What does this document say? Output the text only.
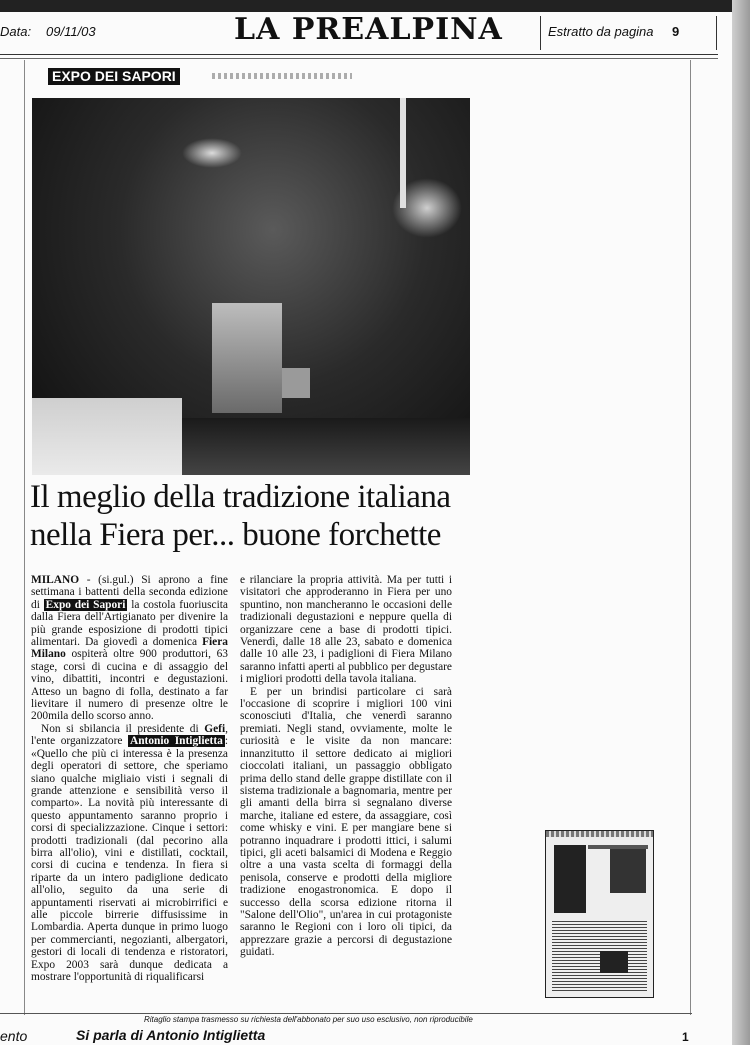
Data: 09/11/03	LA PREALPINA	Estratto da pagina 9
EXPO DEI SAPORI
Il meglio della tradizione italiana
nella Fiera per... buone forchette

MILANO - (si.gul.) Si aprono a fine settimana i battenti della seconda edizione di Expo dei Sapori la costola fuoriuscita dalla Fiera dell'Artigianato per divenire la più grande esposizione di prodotti tipici alimentari. Da giovedì a domenica Fiera Milano ospiterà oltre 900 produttori, 63 stage, corsi di cucina e di assaggio del vino, dibattiti, incontri e degustazioni. Atteso un bagno di folla, destinato a far lievitare il numero di presenze oltre le 200mila dello scorso anno.

Non si sbilancia il presidente di Gefi, l'ente organizzatore Antonio Intiglietta : «Quello che più ci interessa è la presenza degli operatori di settore, che speriamo siano qualche migliaio visti i segnali di grande attenzione e sensibilità verso il comparto». La novità più interessante di questo appuntamento saranno proprio i corsi di specializzazione. Cinque i settori: prodotti tradizionali (dal pecorino alla birra all'olio), vini e distillati, cocktail, corsi di cucina e tendenza. In fiera si riparte da un intero padiglione dedicato all'olio, seguito da una serie di appuntamenti riservati ai microbirrifici e alle piccole birrerie diffusissime in Lombardia. Aperta dunque in primo luogo per commercianti, negozianti, albergatori, gestori di locali di tendenza e ristoratori, Expo 2003 sarà dunque dedicata a mostrare l'opportunità di riqualificarsi

e rilanciare la propria attività. Ma per tutti i visitatori che approderanno in Fiera per uno spuntino, non mancheranno le occasioni delle tradizionali degustazioni e neppure quella di organizzare cene a base di prodotti tipici. Venerdì, dalle 18 alle 23, sabato e domenica dalle 10 alle 23, i padiglioni di Fiera Milano saranno infatti aperti al pubblico per degustare i migliori prodotti della tavola italiana.

E per un brindisi particolare ci sarà l'occasione di scoprire i migliori 100 vini sconosciuti d'Italia, che venerdì saranno premiati. Negli stand, ovviamente, molte le curiosità e le visite da non mancare: innanzitutto il settore dedicato ai migliori cioccolati italiani, un passaggio obbligato prima dello stand delle grappe distillate con il sistema tradizionale a bagnomaria, mentre per gli amanti della birra si segnalano diverse marche, italiane ed estere, da assaggiare, così come whisky e vini. E per mangiare bene si potranno inquadrare i prodotti ittici, i salumi tipici, gli aceti balsamici di Modena e Reggio oltre a una vasta scelta di formaggi della penisola, conserve e prodotti della migliore tradizione enogastronomica. E dopo il successo della scorsa edizione ritorna il "Salone dell'Olio", un'area in cui protagoniste saranno le Regioni con i loro oli tipici, da apprezzare grazie a percorsi di degustazione guidati.

Ritaglio stampa trasmesso su richiesta dell'abbonato per suo uso esclusivo, non riproducibile
ento	Si parla di Antonio Intiglietta	1
